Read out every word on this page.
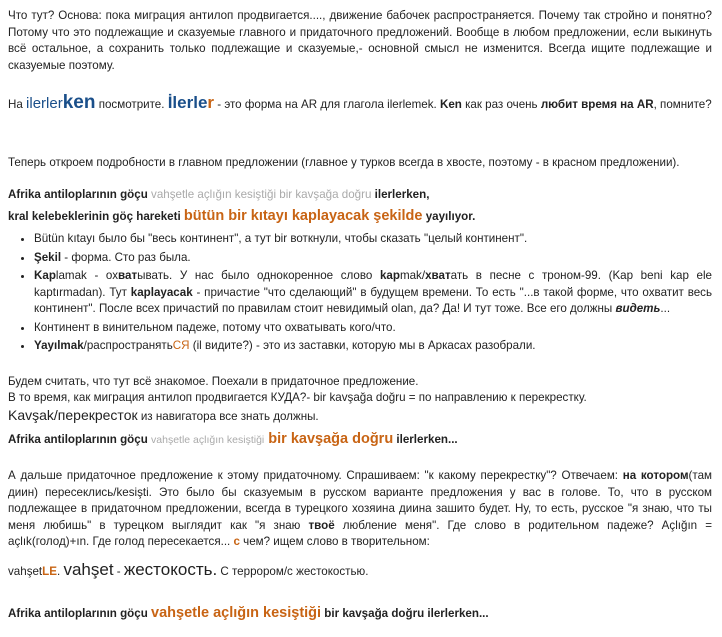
Что тут? Основа: пока миграция антилоп продвигается...., движение бабочек распространяется. Почему так стройно и понятно? Потому что это подлежащие и сказуемые главного и придаточного предложений. Вообще в любом предложении, если выкинуть всё остальное, а сохранить только подлежащие и сказуемые,- основной смысл не изменится. Всегда ищите подлежащие и сказуемые поэтому.

На ilerlerken посмотрите. İlerler - это форма на AR для глагола ilerlemek. Ken как раз очень любит время на AR, помните?

Теперь откроем подробности в главном предложении (главное у турков всегда в хвосте, поэтому - в красном предложении).

Afrika antiloplarının göçu vahşetle açlığın kesiştiği bir kavşağa doğru ilerlerken,

kral kelebeklerinin göç hareketi bütün bir kıtayı kaplayacak şekilde yayılıyor.

• Bütün kıtayı было бы "весь континент", а тут bir воткнули, чтобы сказать "целый континент".
• Şekil - форма. Сто раз была.
• Kaplamak - охватывать. У нас было однокоренное слово kapmak/хватать в песне с троном-99. (Kap beni kap ele kaptırmadan). Тут kaplayacak - причастие "что сделающий" в будущем времени. То есть "...в такой форме, что охватит весь континент". После всех причастий по правилам стоит невидимый olan, да? Да! И тут тоже. Все его должны видеть...
• Континент в винительном падеже, потому что охватывать кого/что.
• Yayılmak/распространятьСЯ (il видите?) - это из заставки, которую мы в Аркасах разобрали.

Будем считать, что тут всё знакомое. Поехали в придаточное предложение.

В то время, как миграция антилоп продвигается КУДА?- bir kavşağa doğru = по направлению к перекрестку.

Kavşak/перекресток из навигатора все знать должны.

Afrika antiloplarının göçu vahşetle açlığın kesiştiği bir kavşağa doğru ilerlerken...

А дальше придаточное предложение к этому придаточному. Спрашиваем: "к какому перекрестку"? Отвечаем: на котором(там диин) пересеклись/kesişti. Это было бы сказуемым в русском варианте предложения у вас в голове. То, что в русском подлежащее в придаточном предложении, всегда в турецкого хозяина диина зашито будет. Ну, то есть, русское "я знаю, что ты меня любишь" в турецком выглядит как "я знаю твоё любление меня". Где слово в родительном падеже? Açlığın = açlık(голод)+ın. Где голод пересекается... с чем? ищем слово в творительном:

vahşetLE. vahşet - жестокость. С террором/с жестокостью.

Afrika antiloplarının göçu vahşetle açlığın kesiştiği bir kavşağa doğru ilerlerken...
